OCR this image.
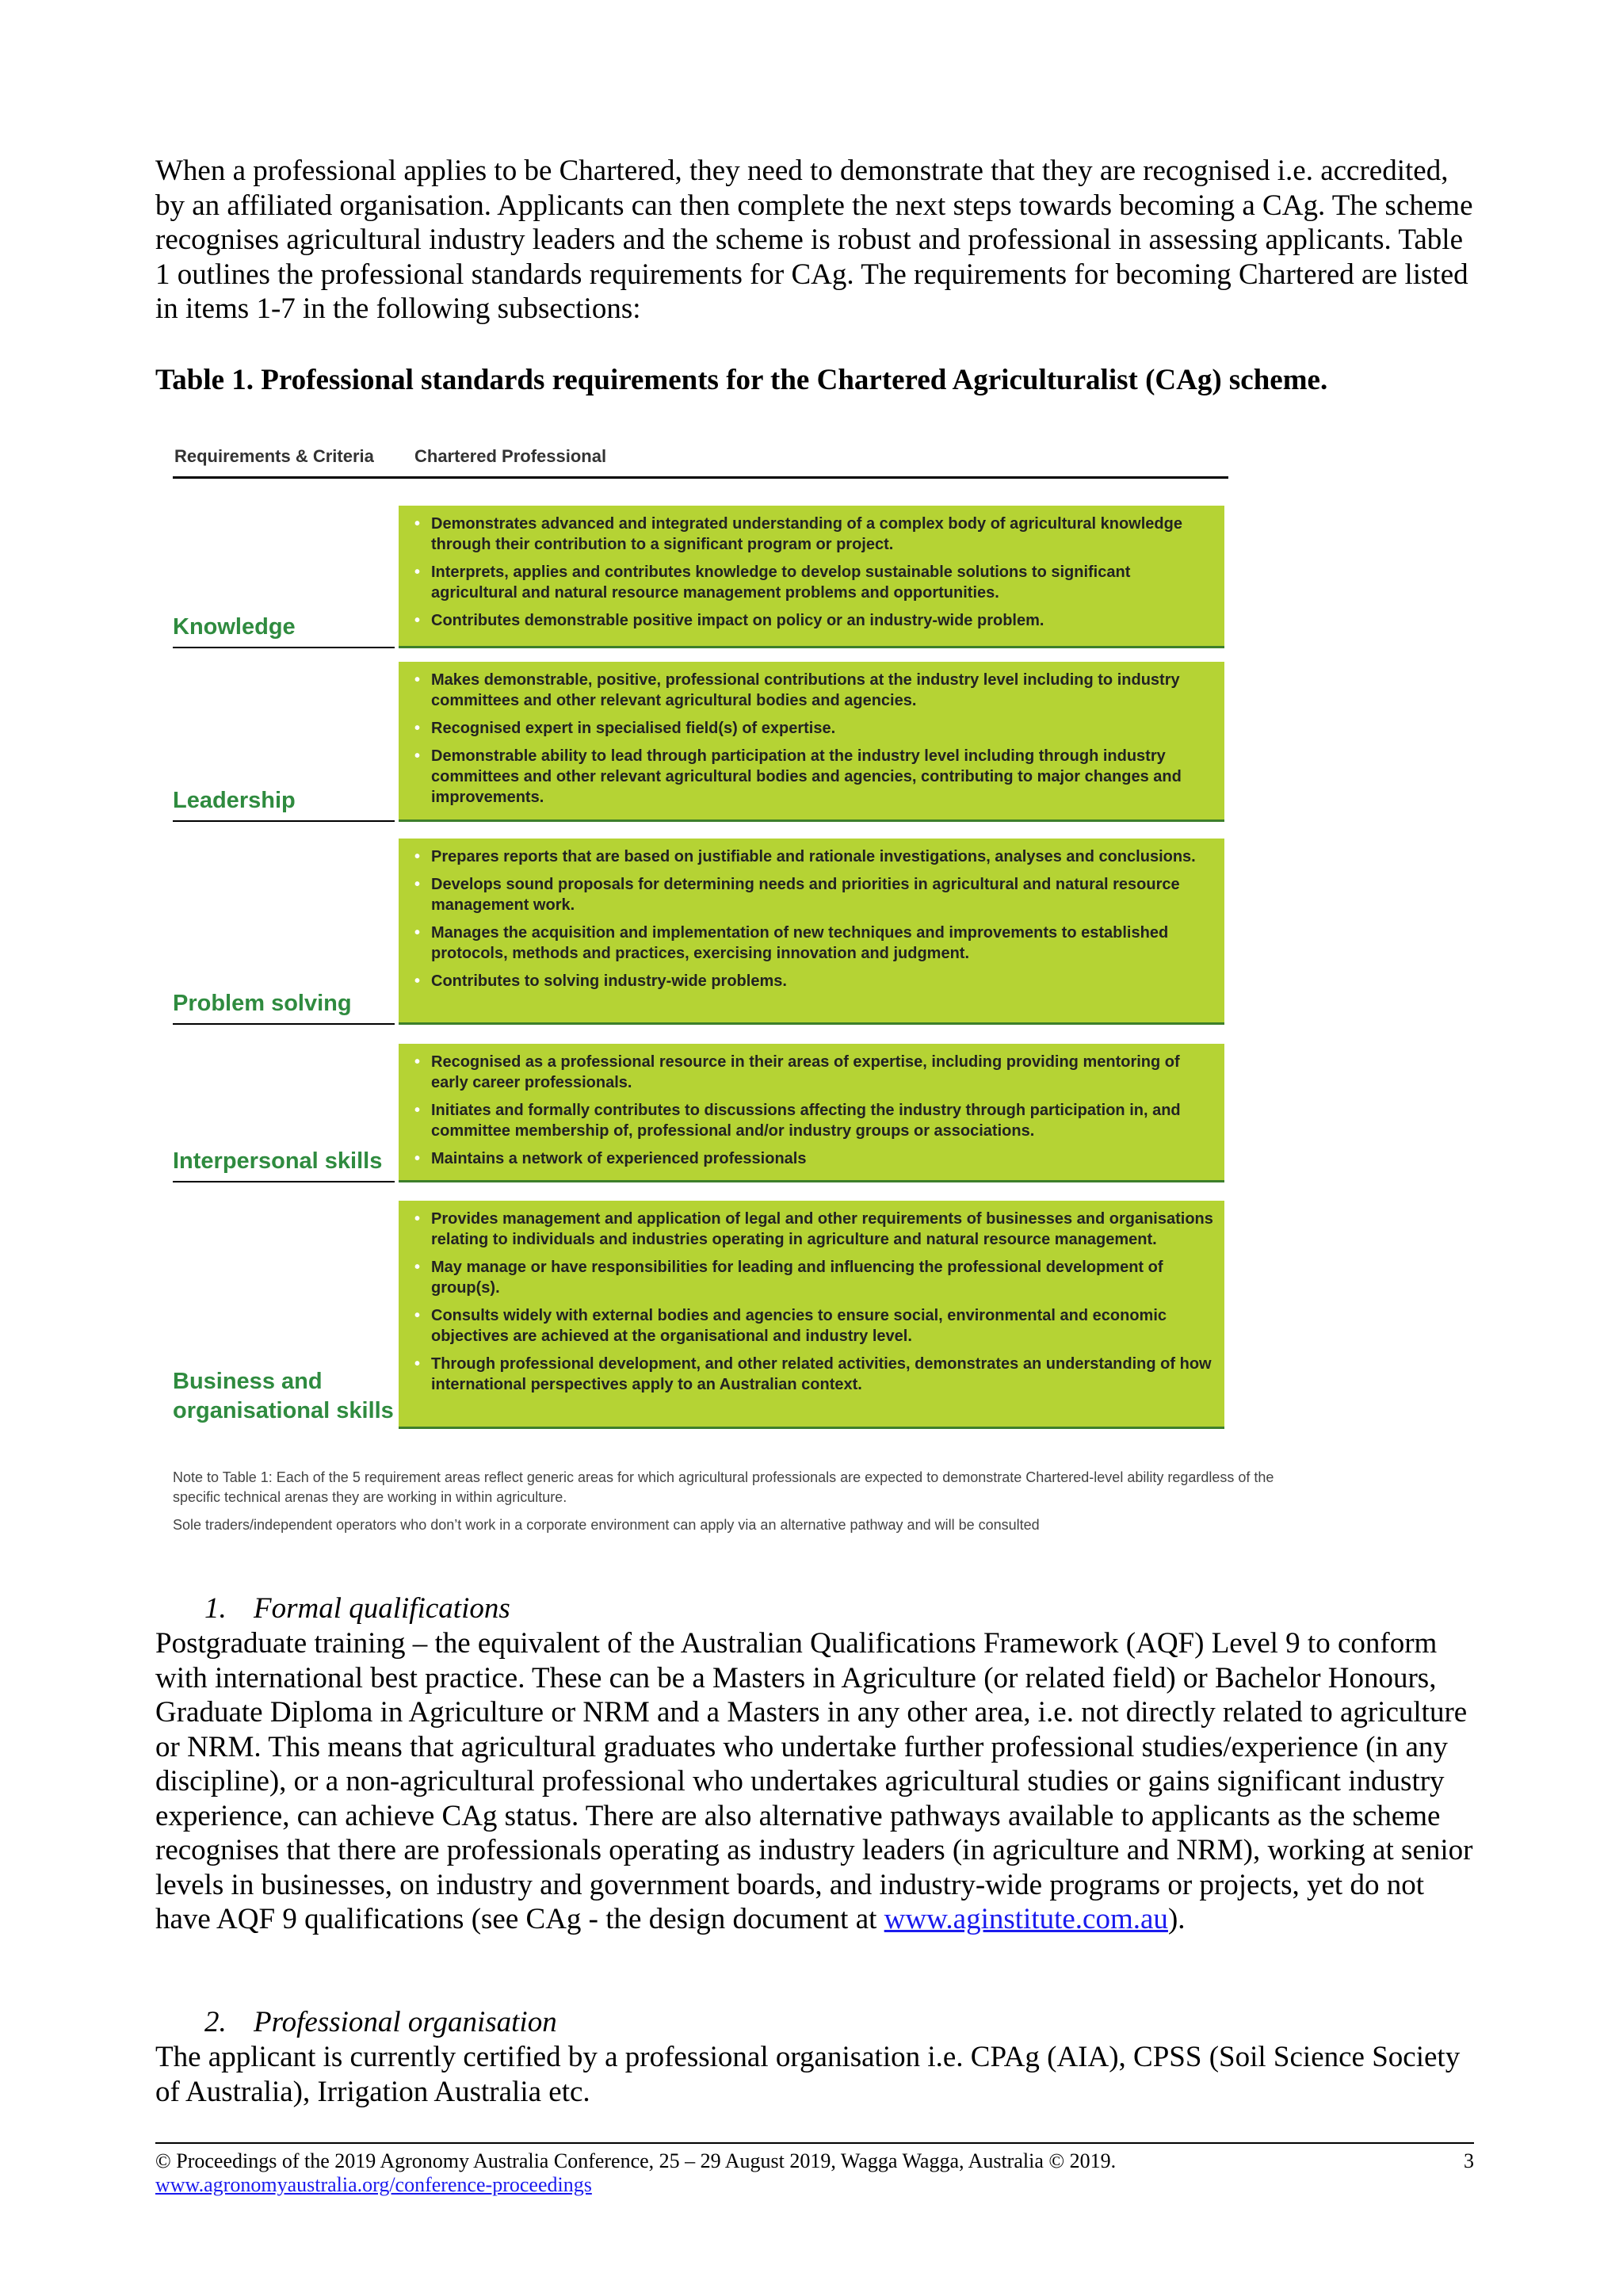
When a professional applies to be Chartered, they need to demonstrate that they are recognised i.e. accredited, by an affiliated organisation. Applicants can then complete the next steps towards becoming a CAg. The scheme recognises agricultural industry leaders and the scheme is robust and professional in assessing applicants. Table 1 outlines the professional standards requirements for CAg. The requirements for becoming Chartered are listed in items 1-7 in the following subsections:

Table 1. Professional standards requirements for the Chartered Agriculturalist (CAg) scheme.

Requirements & Criteria Chartered Professional
Knowledge
• Demonstrates advanced and integrated understanding of a complex body of agricultural knowledge through their contribution to a significant program or project.
• Interprets, applies and contributes knowledge to develop sustainable solutions to significant agricultural and natural resource management problems and opportunities.
• Contributes demonstrable positive impact on policy or an industry-wide problem.
Leadership
• Makes demonstrable, positive, professional contributions at the industry level including to industry committees and other relevant agricultural bodies and agencies.
• Recognised expert in specialised field(s) of expertise.
• Demonstrable ability to lead through participation at the industry level including through industry committees and other relevant agricultural bodies and agencies, contributing to major changes and improvements.
Problem solving
• Prepares reports that are based on justifiable and rationale investigations, analyses and conclusions.
• Develops sound proposals for determining needs and priorities in agricultural and natural resource management work.
• Manages the acquisition and implementation of new techniques and improvements to established protocols, methods and practices, exercising innovation and judgment.
• Contributes to solving industry-wide problems.
Interpersonal skills
• Recognised as a professional resource in their areas of expertise, including providing mentoring of early career professionals.
• Initiates and formally contributes to discussions affecting the industry through participation in, and committee membership of, professional and/or industry groups or associations.
• Maintains a network of experienced professionals
Business and organisational skills
• Provides management and application of legal and other requirements of businesses and organisations relating to individuals and industries operating in agriculture and natural resource management.
• May manage or have responsibilities for leading and influencing the professional development of group(s).
• Consults widely with external bodies and agencies to ensure social, environmental and economic objectives are achieved at the organisational and industry level.
• Through professional development, and other related activities, demonstrates an understanding of how international perspectives apply to an Australian context.

Note to Table 1: Each of the 5 requirement areas reflect generic areas for which agricultural professionals are expected to demonstrate Chartered-level ability regardless of the specific technical arenas they are working in within agriculture.

Sole traders/independent operators who don’t work in a corporate environment can apply via an alternative pathway and will be consulted

1. Formal qualifications

Postgraduate training – the equivalent of the Australian Qualifications Framework (AQF) Level 9 to conform with international best practice. These can be a Masters in Agriculture (or related field) or Bachelor Honours, Graduate Diploma in Agriculture or NRM and a Masters in any other area, i.e. not directly related to agriculture or NRM. This means that agricultural graduates who undertake further professional studies/experience (in any discipline), or a non-agricultural professional who undertakes agricultural studies or gains significant industry experience, can achieve CAg status. There are also alternative pathways available to applicants as the scheme recognises that there are professionals operating as industry leaders (in agriculture and NRM), working at senior levels in businesses, on industry and government boards, and industry-wide programs or projects, yet do not have AQF 9 qualifications (see CAg - the design document at www.aginstitute.com.au).

2. Professional organisation

The applicant is currently certified by a professional organisation i.e. CPAg (AIA), CPSS (Soil Science Society of Australia), Irrigation Australia etc.

© Proceedings of the 2019 Agronomy Australia Conference, 25 – 29 August 2019, Wagga Wagga, Australia © 2019.
www.agronomyaustralia.org/conference-proceedings
3
